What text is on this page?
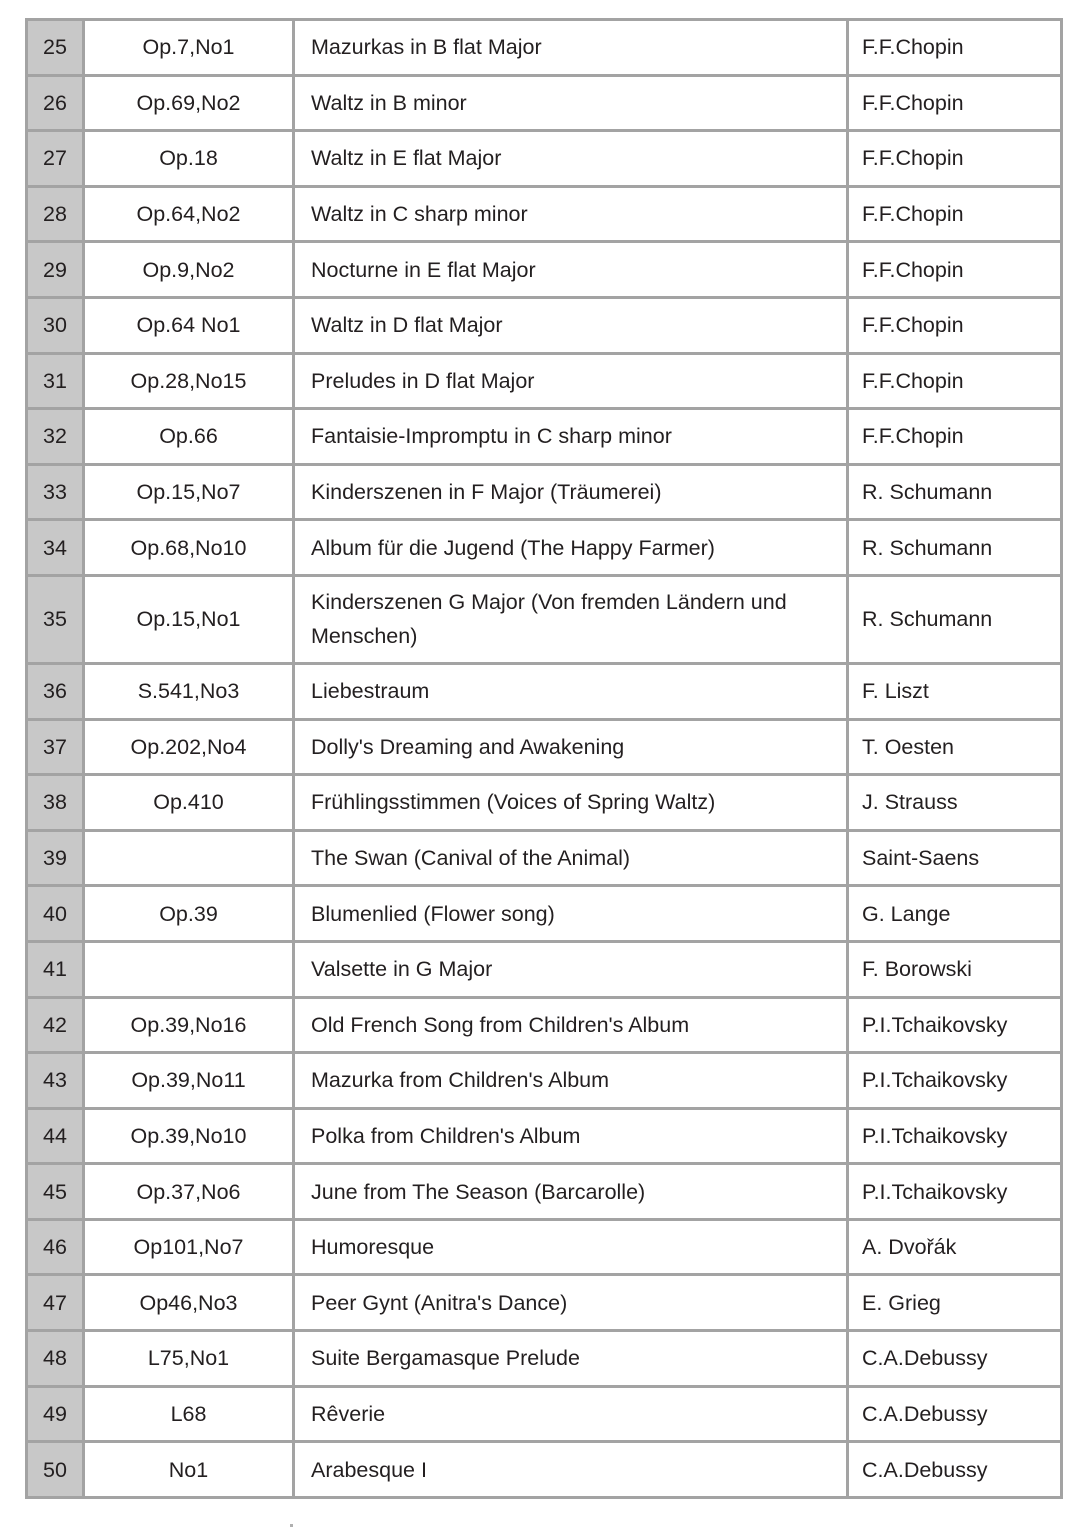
25	Op.7,No1	Mazurkas in B flat Major	F.F.Chopin
26	Op.69,No2	Waltz in B minor	F.F.Chopin
27	Op.18	Waltz in E flat Major	F.F.Chopin
28	Op.64,No2	Waltz in C sharp minor	F.F.Chopin
29	Op.9,No2	Nocturne in E flat Major	F.F.Chopin
30	Op.64 No1	Waltz in D flat Major	F.F.Chopin
31	Op.28,No15	Preludes in D flat Major	F.F.Chopin
32	Op.66	Fantaisie-Impromptu in C sharp minor	F.F.Chopin
33	Op.15,No7	Kinderszenen in F Major (Träumerei)	R. Schumann
34	Op.68,No10	Album für die Jugend (The Happy Farmer)	R. Schumann
35	Op.15,No1	Kinderszenen G Major (Von fremden Ländern und Menschen)	R. Schumann
36	S.541,No3	Liebestraum	F. Liszt
37	Op.202,No4	Dolly's Dreaming and Awakening	T. Oesten
38	Op.410	Frühlingsstimmen (Voices of Spring Waltz)	J. Strauss
39		The Swan (Canival of the Animal)	Saint-Saens
40	Op.39	Blumenlied (Flower song)	G. Lange
41		Valsette in G Major	F. Borowski
42	Op.39,No16	Old French Song from Children's Album	P.I.Tchaikovsky
43	Op.39,No11	Mazurka from Children's Album	P.I.Tchaikovsky
44	Op.39,No10	Polka from Children's Album	P.I.Tchaikovsky
45	Op.37,No6	June from The Season (Barcarolle)	P.I.Tchaikovsky
46	Op101,No7	Humoresque	A. Dvořák
47	Op46,No3	Peer Gynt (Anitra's Dance)	E. Grieg
48	L75,No1	Suite Bergamasque Prelude	C.A.Debussy
49	L68	Rêverie	C.A.Debussy
50	No1	Arabesque I	C.A.Debussy
